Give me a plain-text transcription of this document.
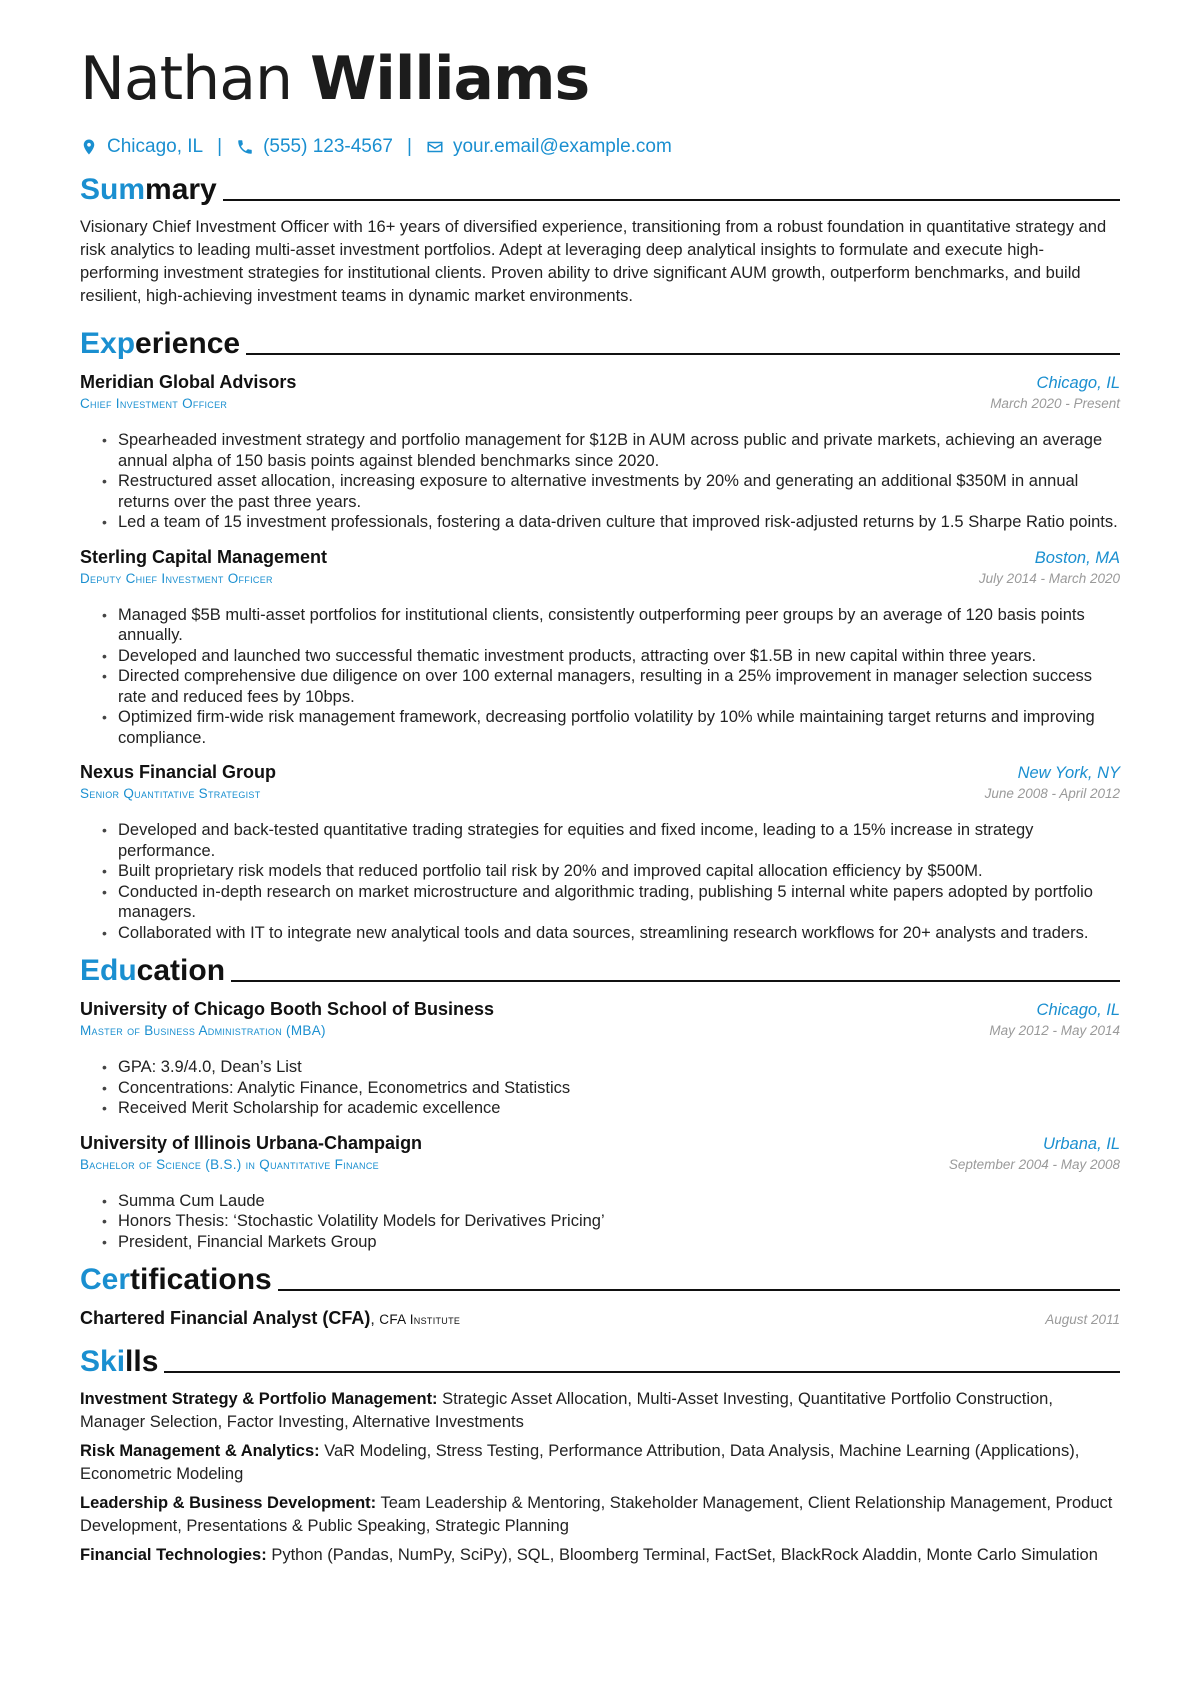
Nathan Williams
Chicago, IL | (555) 123-4567 | your.email@example.com
Summary
Visionary Chief Investment Officer with 16+ years of diversified experience, transitioning from a robust foundation in quantitative strategy and risk analytics to leading multi-asset investment portfolios. Adept at leveraging deep analytical insights to formulate and execute high-performing investment strategies for institutional clients. Proven ability to drive significant AUM growth, outperform benchmarks, and build resilient, high-achieving investment teams in dynamic market environments.
Experience
Meridian Global Advisors	Chicago, IL
Chief Investment Officer	March 2020 - Present
• Spearheaded investment strategy and portfolio management for $12B in AUM across public and private markets, achieving an average annual alpha of 150 basis points against blended benchmarks since 2020.
• Restructured asset allocation, increasing exposure to alternative investments by 20% and generating an additional $350M in annual returns over the past three years.
• Led a team of 15 investment professionals, fostering a data-driven culture that improved risk-adjusted returns by 1.5 Sharpe Ratio points.
Sterling Capital Management	Boston, MA
Deputy Chief Investment Officer	July 2014 - March 2020
• Managed $5B multi-asset portfolios for institutional clients, consistently outperforming peer groups by an average of 120 basis points annually.
• Developed and launched two successful thematic investment products, attracting over $1.5B in new capital within three years.
• Directed comprehensive due diligence on over 100 external managers, resulting in a 25% improvement in manager selection success rate and reduced fees by 10bps.
• Optimized firm-wide risk management framework, decreasing portfolio volatility by 10% while maintaining target returns and improving compliance.
Nexus Financial Group	New York, NY
Senior Quantitative Strategist	June 2008 - April 2012
• Developed and back-tested quantitative trading strategies for equities and fixed income, leading to a 15% increase in strategy performance.
• Built proprietary risk models that reduced portfolio tail risk by 20% and improved capital allocation efficiency by $500M.
• Conducted in-depth research on market microstructure and algorithmic trading, publishing 5 internal white papers adopted by portfolio managers.
• Collaborated with IT to integrate new analytical tools and data sources, streamlining research workflows for 20+ analysts and traders.
Education
University of Chicago Booth School of Business	Chicago, IL
Master of Business Administration (MBA)	May 2012 - May 2014
• GPA: 3.9/4.0, Dean’s List
• Concentrations: Analytic Finance, Econometrics and Statistics
• Received Merit Scholarship for academic excellence
University of Illinois Urbana-Champaign	Urbana, IL
Bachelor of Science (B.S.) in Quantitative Finance	September 2004 - May 2008
• Summa Cum Laude
• Honors Thesis: ‘Stochastic Volatility Models for Derivatives Pricing’
• President, Financial Markets Group
Certifications
Chartered Financial Analyst (CFA), CFA Institute	August 2011
Skills
Investment Strategy & Portfolio Management: Strategic Asset Allocation, Multi-Asset Investing, Quantitative Portfolio Construction, Manager Selection, Factor Investing, Alternative Investments
Risk Management & Analytics: VaR Modeling, Stress Testing, Performance Attribution, Data Analysis, Machine Learning (Applications), Econometric Modeling
Leadership & Business Development: Team Leadership & Mentoring, Stakeholder Management, Client Relationship Management, Product Development, Presentations & Public Speaking, Strategic Planning
Financial Technologies: Python (Pandas, NumPy, SciPy), SQL, Bloomberg Terminal, FactSet, BlackRock Aladdin, Monte Carlo Simulation
